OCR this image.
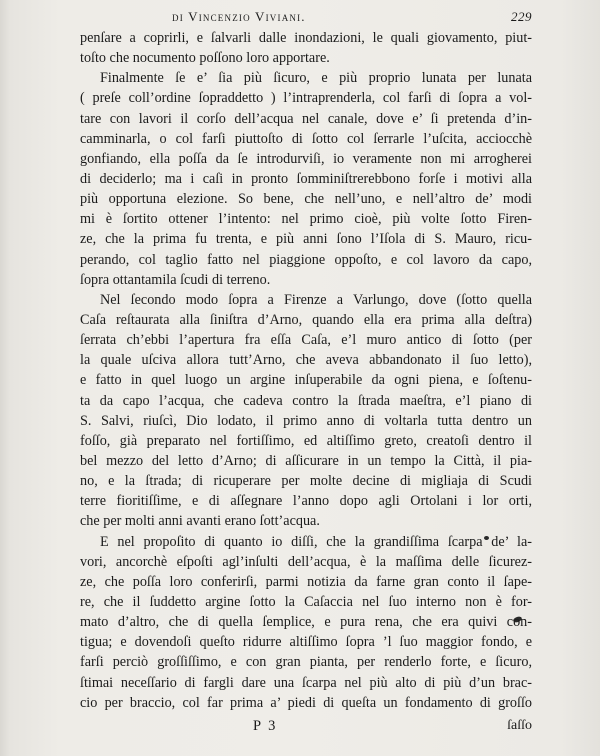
di Vincenzio Viviani.	229
penſare a coprirli, e ſalvarli dalle inondazioni, le quali giovamento, piut-
toſto che nocumento poſſono loro apportare.
Finalmente ſe e’ ſia più ſicuro, e più proprio lunata per lunata
( preſe coll’ordine ſopraddetto ) l’intraprenderla, col farſi di ſopra a vol-
tare con lavori il corſo dell’acqua nel canale, dove e’ ſi pretenda d’in-
camminarla, o col farſi piuttoſto di ſotto col ſerrarle l’uſcita, acciocchè
gonfiando, ella poſſa da ſe introdurviſi, io veramente non mi arrogherei
di deciderlo; ma i caſi in pronto ſomminiſtrerebbono forſe i motivi alla
più opportuna elezione. So bene, che nell’uno, e nell’altro de’ modi
mi è ſortito ottener l’intento: nel primo cioè, più volte ſotto Firen-
ze, che la prima fu trenta, e più anni ſono l’Iſola di S. Mauro, ricu-
perando, col taglio fatto nel piaggione oppoſto, e col lavoro da capo,
ſopra ottantamila ſcudi di terreno.
Nel ſecondo modo ſopra a Firenze a Varlungo, dove (ſotto quella
Caſa reſtaurata alla ſiniſtra d’Arno, quando ella era prima alla deſtra)
ſerrata ch’ebbi l’apertura fra eſſa Caſa, e’l muro antico di ſotto (per
la quale uſciva allora tutt’Arno, che aveva abbandonato il ſuo letto),
e fatto in quel luogo un argine inſuperabile da ogni piena, e ſoſtenu-
ta da capo l’acqua, che cadeva contro la ſtrada maeſtra, e’l piano di
S. Salvi, riuſcì, Dio lodato, il primo anno di voltarla tutta dentro un
foſſo, già preparato nel fortiſſimo, ed altiſſimo greto, creatoſi dentro il
bel mezzo del letto d’Arno; di aſſicurare in un tempo la Città, il pia-
no, e la ſtrada; di ricuperare per molte decine di migliaja di Scudi
terre fioritiſſime, e di aſſegnare l’anno dopo agli Ortolani i lor orti,
che per molti anni avanti erano ſott’acqua.
E nel propoſito di quanto io diſſi, che la grandiſſima ſcarpa de’ la-
vori, ancorchè eſpoſti agl’inſulti dell’acqua, è la maſſima delle ſicurez-
ze, che poſſa loro conferirſi, parmi notizia da farne gran conto il ſape-
re, che il ſuddetto argine ſotto la Caſaccia nel ſuo interno non è for-
mato d’altro, che di quella ſemplice, e pura rena, che era quivi con-
tigua; e dovendoſi queſto ridurre altiſſimo ſopra ’l ſuo maggior fondo, e
farſi perciò groſſiſſimo, e con gran pianta, per renderlo forte, e ſicuro,
ſtimai neceſſario di fargli dare una ſcarpa nel più alto di più d’un brac-
cio per braccio, col far prima a’ piedi di queſta un fondamento di groſſo
P 3	ſaſſo
